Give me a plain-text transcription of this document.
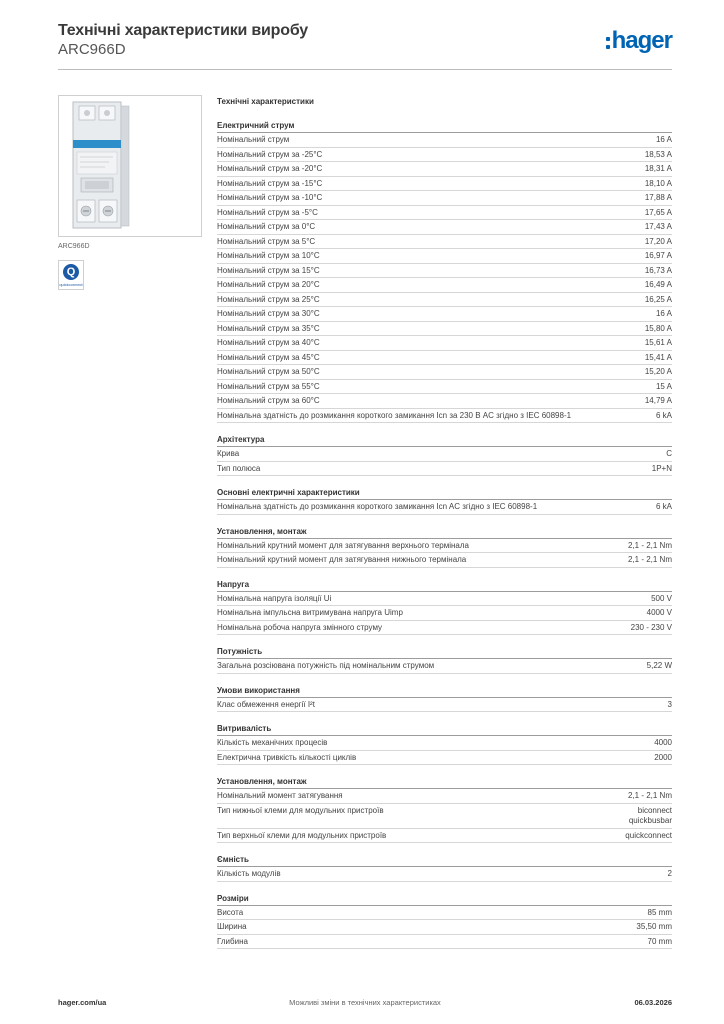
Технічні характеристики виробу
ARC966D	hager
ARC966D
Q
quickconnect
Технічні характеристики
Електричний струм
Номінальний струм	16 A
Номінальний струм за -25°C	18,53 A
Номінальний струм за -20°C	18,31 A
Номінальний струм за -15°C	18,10 A
Номінальний струм за -10°C	17,88 A
Номінальний струм за -5°C	17,65 A
Номінальний струм за 0°C	17,43 A
Номінальний струм за 5°C	17,20 A
Номінальний струм за 10°C	16,97 A
Номінальний струм за 15°C	16,73 A
Номінальний струм за 20°C	16,49 A
Номінальний струм за 25°C	16,25 A
Номінальний струм за 30°C	16 A
Номінальний струм за 35°C	15,80 A
Номінальний струм за 40°C	15,61 A
Номінальний струм за 45°C	15,41 A
Номінальний струм за 50°C	15,20 A
Номінальний струм за 55°C	15 A
Номінальний струм за 60°C	14,79 A
Номінальна здатність до розмикання короткого замикання Icn за 230 В AC згідно з IEC 60898-1	6 kA
Архітектура
Крива	C
Тип полюса	1P+N
Основні електричні характеристики
Номінальна здатність до розмикання короткого замикання Icn AC згідно з IEC 60898-1	6 kA
Установлення, монтаж
Номінальний крутний момент для затягування верхнього термінала	2,1 - 2,1 Nm
Номінальний крутний момент для затягування нижнього термінала	2,1 - 2,1 Nm
Напруга
Номінальна напруга ізоляції Ui	500 V
Номінальна імпульсна витримувана напруга Uimp	4000 V
Номінальна робоча напруга змінного струму	230 - 230 V
Потужність
Загальна розсіювана потужність під номінальним струмом	5,22 W
Умови використання
Клас обмеження енергії I²t	3
Витривалість
Кількість механічних процесів	4000
Електрична тривкість кількості циклів	2000
Установлення, монтаж
Номінальний момент затягування	2,1 - 2,1 Nm
Тип нижньої клеми для модульних пристроїв	biconnect
quickbusbar
Тип верхньої клеми для модульних пристроїв	quickconnect
Ємність
Кількість модулів	2
Розміри
Висота	85 mm
Ширина	35,50 mm
Глибина	70 mm
hager.com/ua	Можливі зміни в технічних характеристиках	06.03.2026
